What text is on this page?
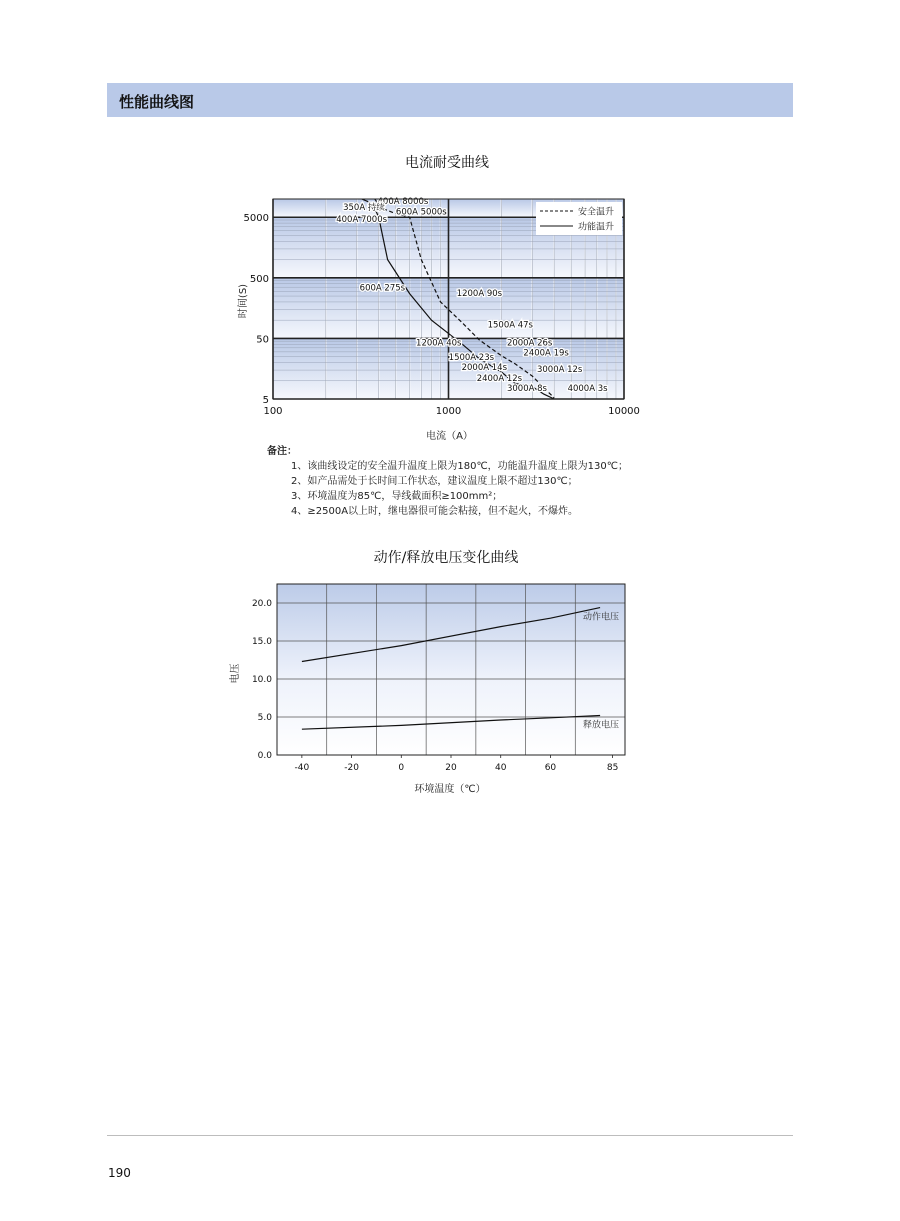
性能曲线图
电流耐受曲线
400A 8000s
350A 持续 600A 5000s
400A 7000s
600A 275s
1200A 90s
1500A 47s
1200A 40s	2000A 26s
1500A 23s	2400A 19s
2000A 14s	3000A 12s
2400A 12s
3000A 8s 4000A 3s
安全温升
功能温升
100	1000	10000
5
50
500
5000
时间(S)
电流（A）
备注：
1、该曲线设定的安全温升温度上限为180℃，功能温升温度上限为130℃；
2、如产品需处于长时间工作状态，建议温度上限不超过130℃；
3、环境温度为85℃，导线截面积≥100mm²；
4、≥2500A以上时，继电器很可能会粘接，但不起火，不爆炸。
动作/释放电压变化曲线
动作电压
释放电压
-40	-20	0	20	40	60	85
0.0
5.0
10.0
15.0
20.0
电压
环境温度（℃）
190
